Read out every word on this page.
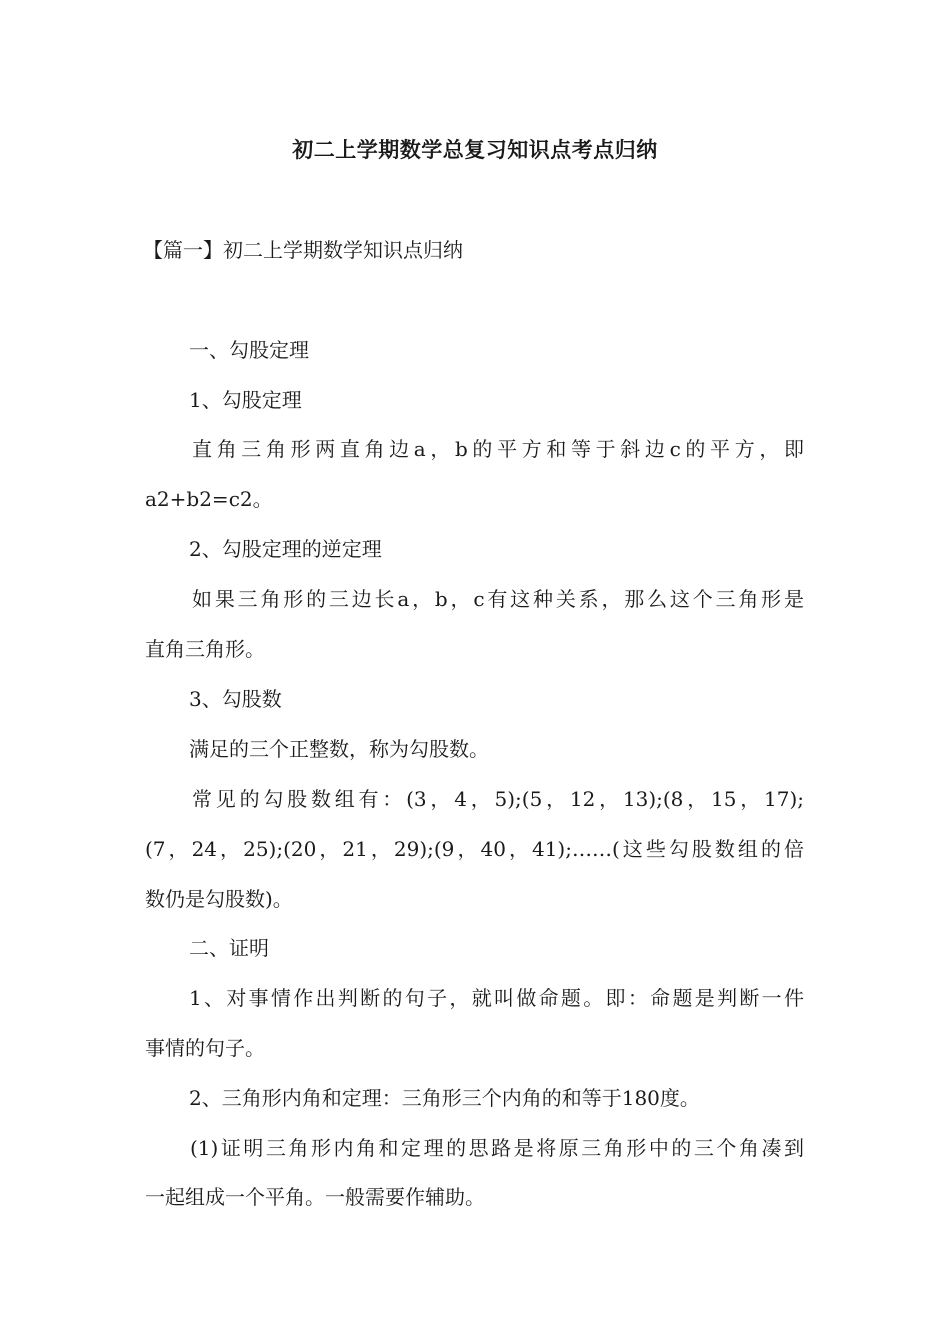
初二上学期数学总复习知识点考点归纳
【篇一】初二上学期数学知识点归纳
一、勾股定理
1、勾股定理
直角三角形两直角边a，b的平方和等于斜边c的平方，即
a2+b2=c2。
2、勾股定理的逆定理
如果三角形的三边长a，b，c有这种关系，那么这个三角形是
直角三角形。
3、勾股数
满足的三个正整数，称为勾股数。
常见的勾股数组有：(3，4，5);(5，12，13);(8，15，17);
(7，24，25);(20，21，29);(9，40，41);……(这些勾股数组的倍
数仍是勾股数)。
二、证明
1、对事情作出判断的句子，就叫做命题。即：命题是判断一件
事情的句子。
2、三角形内角和定理：三角形三个内角的和等于180度。
(1)证明三角形内角和定理的思路是将原三角形中的三个角凑到
一起组成一个平角。一般需要作辅助。
